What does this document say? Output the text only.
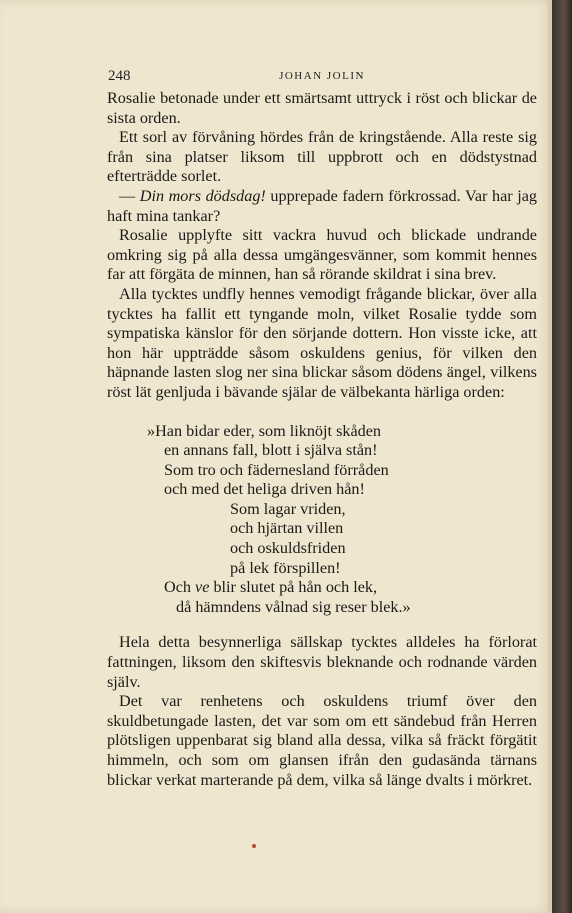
248	JOHAN JOLIN

Rosalie betonade under ett smärtsamt uttryck i röst och blickar de sista orden.

Ett sorl av förvåning hördes från de kringstående. Alla reste sig från sina platser liksom till uppbrott och en dödstystnad efterträdde sorlet.

— Din mors dödsdag! upprepade fadern förkrossad. Var har jag haft mina tankar?

Rosalie upplyfte sitt vackra huvud och blickade undrande omkring sig på alla dessa umgängesvänner, som kommit hennes far att förgäta de minnen, han så rörande skildrat i sina brev.

Alla tycktes undfly hennes vemodigt frågande blickar, över alla tycktes ha fallit ett tyngande moln, vilket Rosalie tydde som sympatiska känslor för den sörjande dottern. Hon visste icke, att hon här uppträdde såsom oskuldens genius, för vilken den häpnande lasten slog ner sina blickar såsom dödens ängel, vilkens röst lät genljuda i bävande själar de välbekanta härliga orden:

»Han bidar eder, som liknöjt skåden
en annans fall, blott i själva stån!
Som tro och fädernesland förråden
och med det heliga driven hån!
Som lagar vriden,
och hjärtan villen
och oskuldsfriden
på lek förspillen!
Och ve blir slutet på hån och lek,
då hämndens vålnad sig reser blek.»

Hela detta besynnerliga sällskap tycktes alldeles ha förlorat fattningen, liksom den skiftesvis bleknande och rodnande värden själv.

Det var renhetens och oskuldens triumf över den skuldbetungade lasten, det var som om ett sändebud från Herren plötsligen uppenbarat sig bland alla dessa, vilka så fräckt förgätit himmeln, och som om glansen ifrån den gudasända tärnans blickar verkat marterande på dem, vilka så länge dvalts i mörkret.
